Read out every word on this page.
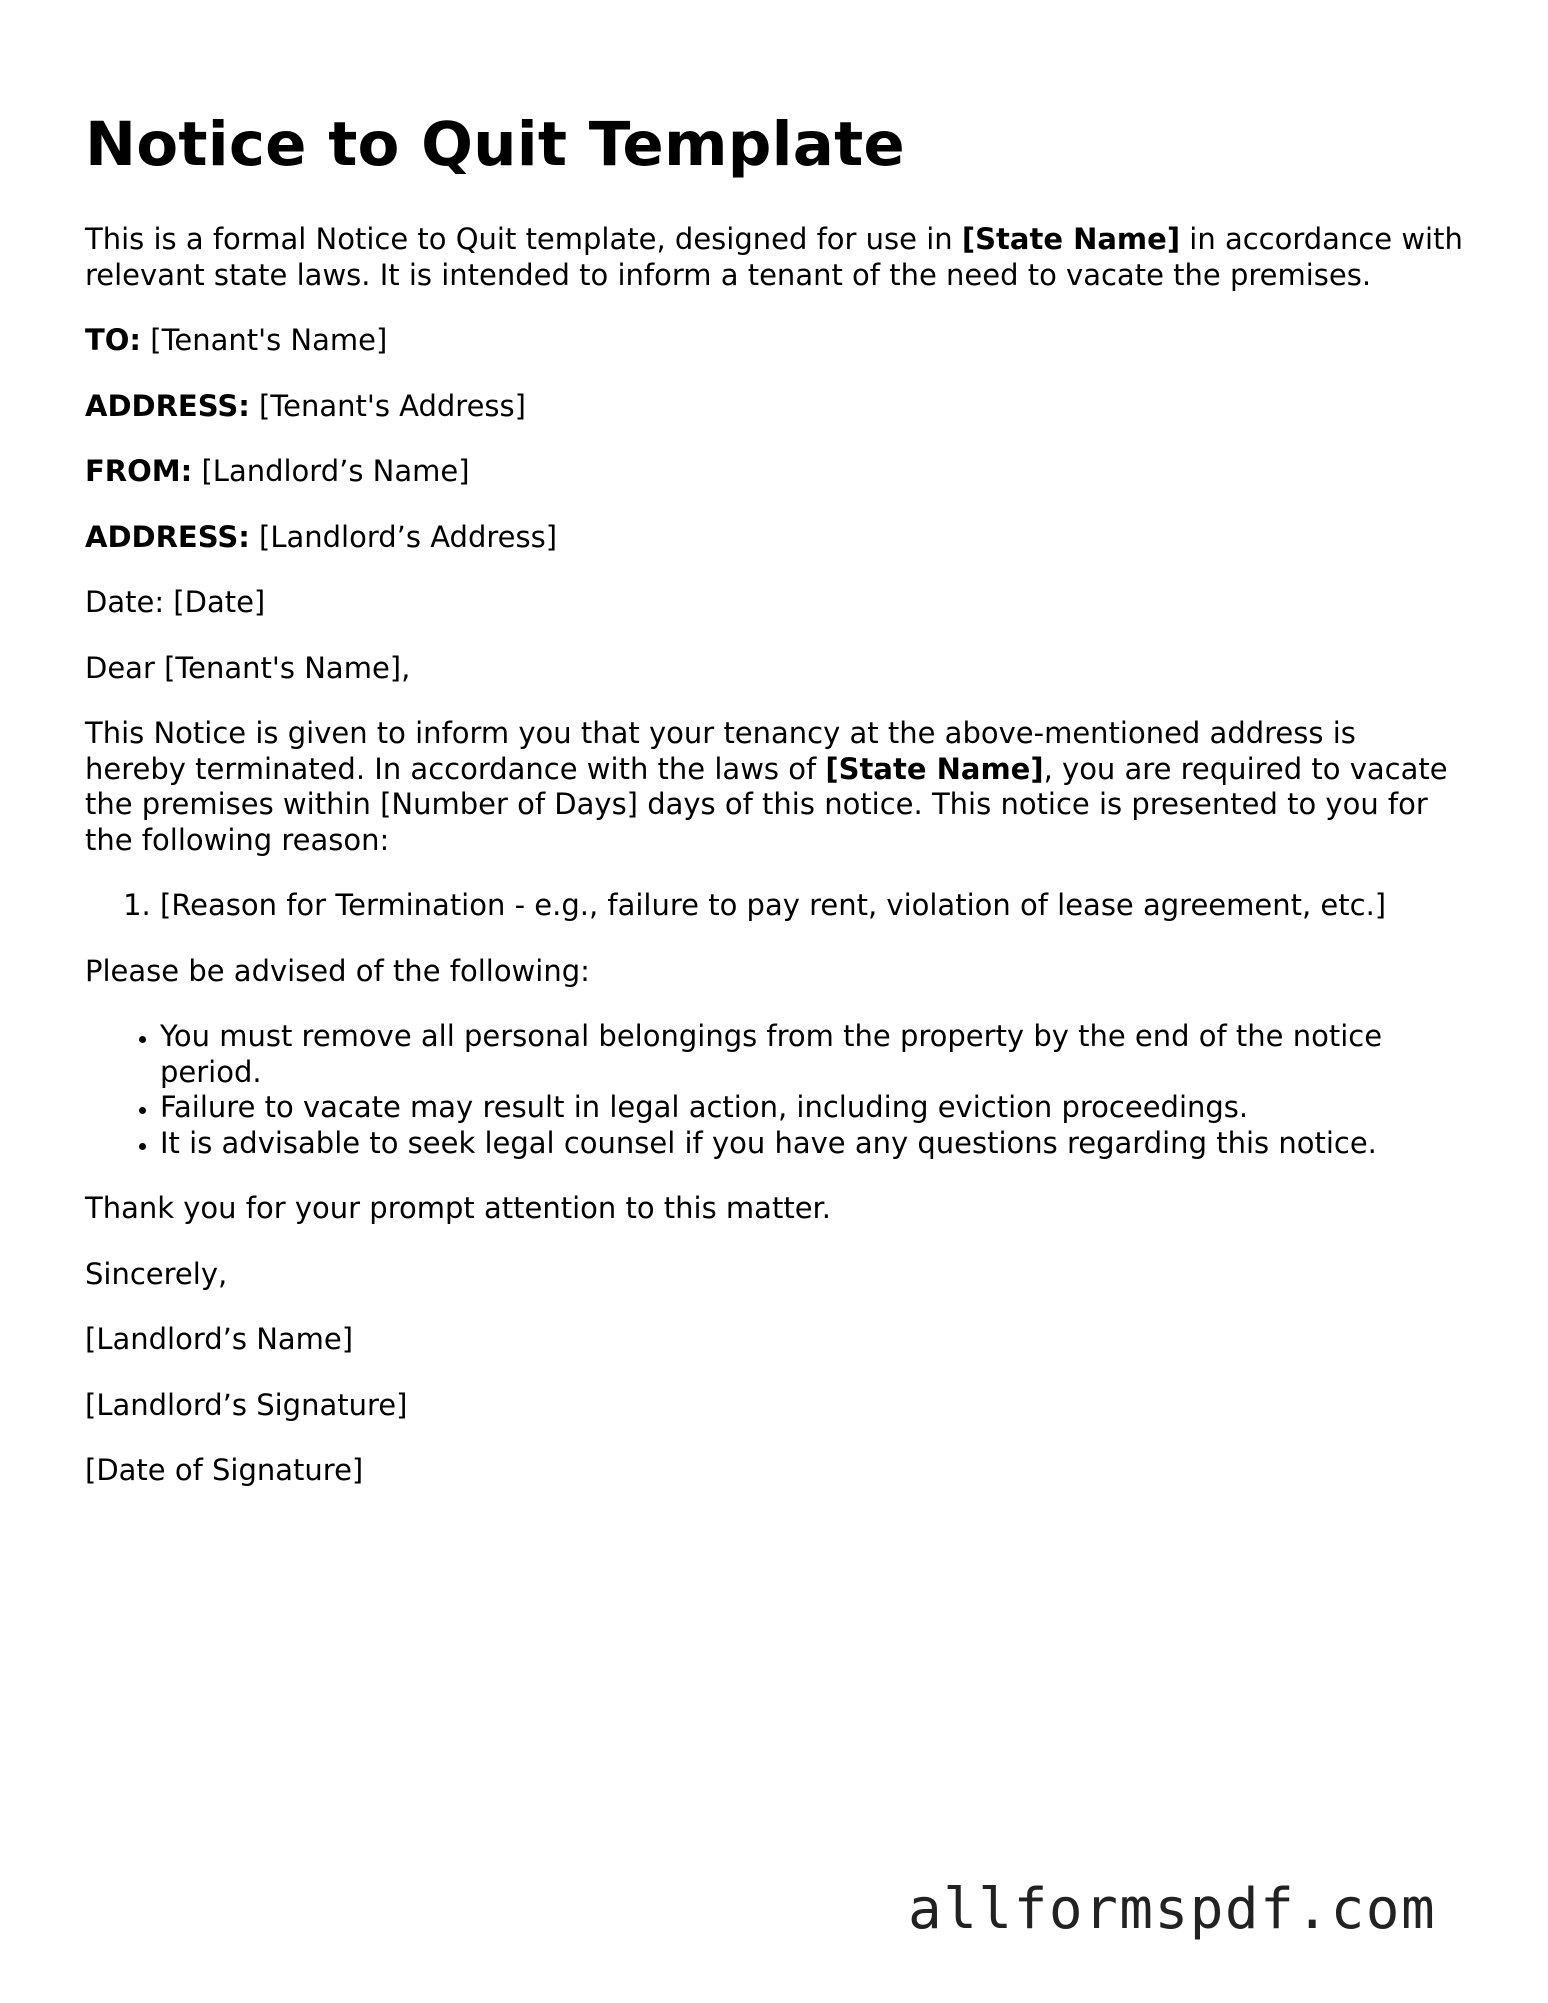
Notice to Quit Template

This is a formal Notice to Quit template, designed for use in [State Name] in accordance with relevant state laws. It is intended to inform a tenant of the need to vacate the premises.

TO: [Tenant's Name]

ADDRESS: [Tenant's Address]

FROM: [Landlord’s Name]

ADDRESS: [Landlord’s Address]

Date: [Date]

Dear [Tenant's Name],

This Notice is given to inform you that your tenancy at the above-mentioned address is hereby terminated. In accordance with the laws of [State Name], you are required to vacate the premises within [Number of Days] days of this notice. This notice is presented to you for the following reason:

1. [Reason for Termination - e.g., failure to pay rent, violation of lease agreement, etc.]

Please be advised of the following:

• You must remove all personal belongings from the property by the end of the notice period.
• Failure to vacate may result in legal action, including eviction proceedings.
• It is advisable to seek legal counsel if you have any questions regarding this notice.

Thank you for your prompt attention to this matter.

Sincerely,

[Landlord’s Name]

[Landlord’s Signature]

[Date of Signature]

allformspdf.com
